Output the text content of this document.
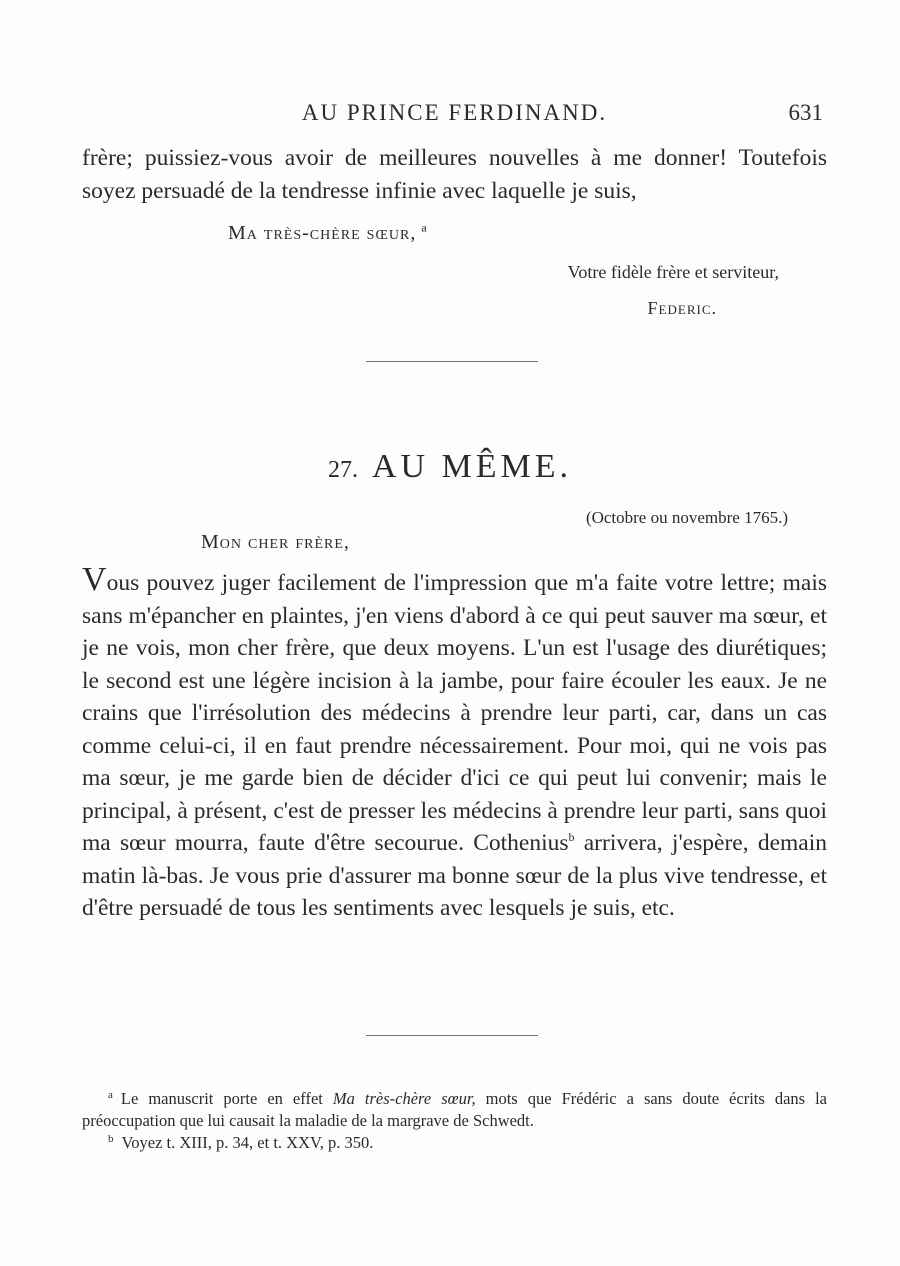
AU PRINCE FERDINAND.	631

frère; puissiez-vous avoir de meilleures nouvelles à me donner! Toutefois soyez persuadé de la tendresse infinie avec laquelle je suis,

Ma très-chère sœur, $^a$
Votre fidèle frère et serviteur,
Federic.
27. AU MÊME.
(Octobre ou novembre 1765.)
Mon cher frère,

Vous pouvez juger facilement de l'impression que m'a faite votre lettre; mais sans m'épancher en plaintes, j'en viens d'abord à ce qui peut sauver ma sœur, et je ne vois, mon cher frère, que deux moyens. L'un est l'usage des diurétiques; le second est une légère incision à la jambe, pour faire écouler les eaux. Je ne crains que l'irrésolution des médecins à prendre leur parti, car, dans un cas comme celui-ci, il en faut prendre nécessairement. Pour moi, qui ne vois pas ma sœur, je me garde bien de décider d'ici ce qui peut lui convenir; mais le principal, à présent, c'est de presser les médecins à prendre leur parti, sans quoi ma sœur mourra, faute d'être secourue. Cothenius$^b$ arrivera, j'espère, demain matin là-bas. Je vous prie d'assurer ma bonne sœur de la plus vive tendresse, et d'être persuadé de tous les sentiments avec lesquels je suis, etc.

$^a$ Le manuscrit porte en effet Ma très-chère sœur, mots que Frédéric a sans doute écrits dans la préoccupation que lui causait la maladie de la margrave de Schwedt.

$^b$ Voyez t. XIII, p. 34, et t. XXV, p. 350.
